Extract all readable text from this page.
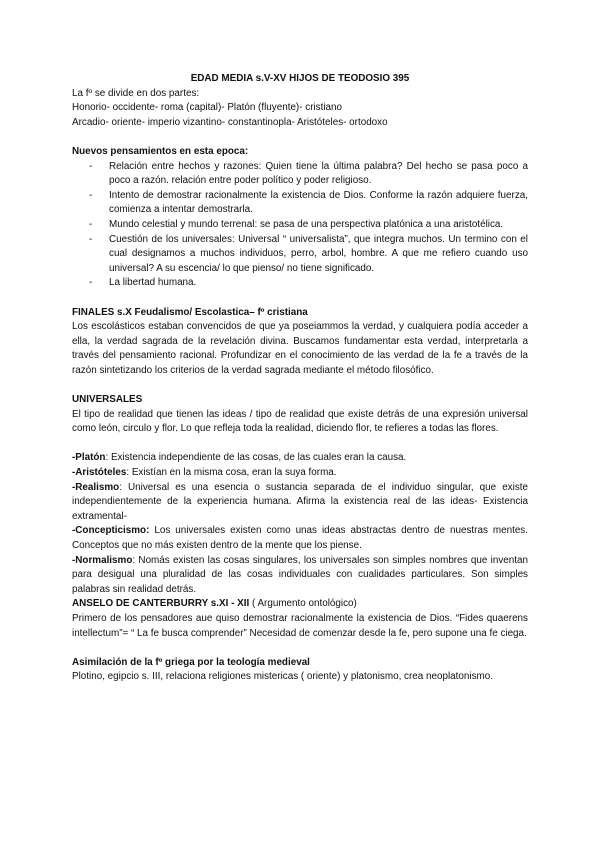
EDAD MEDIA s.V-XV HIJOS DE TEODOSIO 395

La fº se divide en dos partes:

Honorio- occidente- roma (capital)- Platón (fluyente)- cristiano

Arcadio- oriente- imperio vizantino- constantinopla- Aristóteles- ortodoxo

Nuevos pensamientos en esta epoca:

- Relación entre hechos y razones: Quien tiene la última palabra? Del hecho se pasa poco a poco a razón. relación entre poder político y poder religioso.
- Intento de demostrar racionalmente la existencia de Dios. Conforme la razón adquiere fuerza, comienza a intentar demostrarla.
- Mundo celestial y mundo terrenal: se pasa de una perspectiva platónica a una aristotélica.
- Cuestión de los universales: Universal “ universalista”, que integra muchos. Un termino con el cual designamos a muchos individuos, perro, arbol, hombre. A que me refiero cuando uso universal? A su escencia/ lo que pienso/ no tiene significado.
- La libertad humana.

FINALES s.X Feudalismo/ Escolastica– fº cristiana

Los escolásticos estaban convencidos de que ya poseiammos la verdad, y cualquiera podía acceder a ella, la verdad sagrada de la revelación divina. Buscamos fundamentar esta verdad, interpretarla a través del pensamiento racional. Profundizar en el conocimiento de las verdad de la fe a través de la razón sintetizando los criterios de la verdad sagrada mediante el método filosófico.

UNIVERSALES

El tipo de realidad que tienen las ideas / tipo de realidad que existe detrás de una expresión universal como león, circulo y flor. Lo que refleja toda la realidad, diciendo flor, te refieres a todas las flores.

-Platón: Existencia independiente de las cosas, de las cuales eran la causa.

-Aristóteles: Existían en la misma cosa, eran la suya forma.

-Realismo: Universal es una esencia o sustancia separada de el individuo singular, que existe independientemente de la experiencia humana. Afirma la existencia real de las ideas- Existencia extramental-

-Concepticismo: Los universales existen como unas ideas abstractas dentro de nuestras mentes. Conceptos que no más existen dentro de la mente que los piense.

-Normalismo: Nomás existen las cosas singulares, los universales son simples nombres que inventan para desigual una pluralidad de las cosas individuales con cualidades particulares. Son simples palabras sin realidad detrás.

ANSELO DE CANTERBURRY s.XI - XII ( Argumento ontológico)

Primero de los pensadores aue quiso demostrar racionalmente la existencia de Dios. “Fides quaerens intellectum”= “ La fe busca comprender” Necesidad de comenzar desde la fe, pero supone una fe ciega.

Asimilación de la fº griega por la teología medieval

Plotino, egipcio s. III, relaciona religiones mistericas ( oriente) y platonismo, crea neoplatonismo.
